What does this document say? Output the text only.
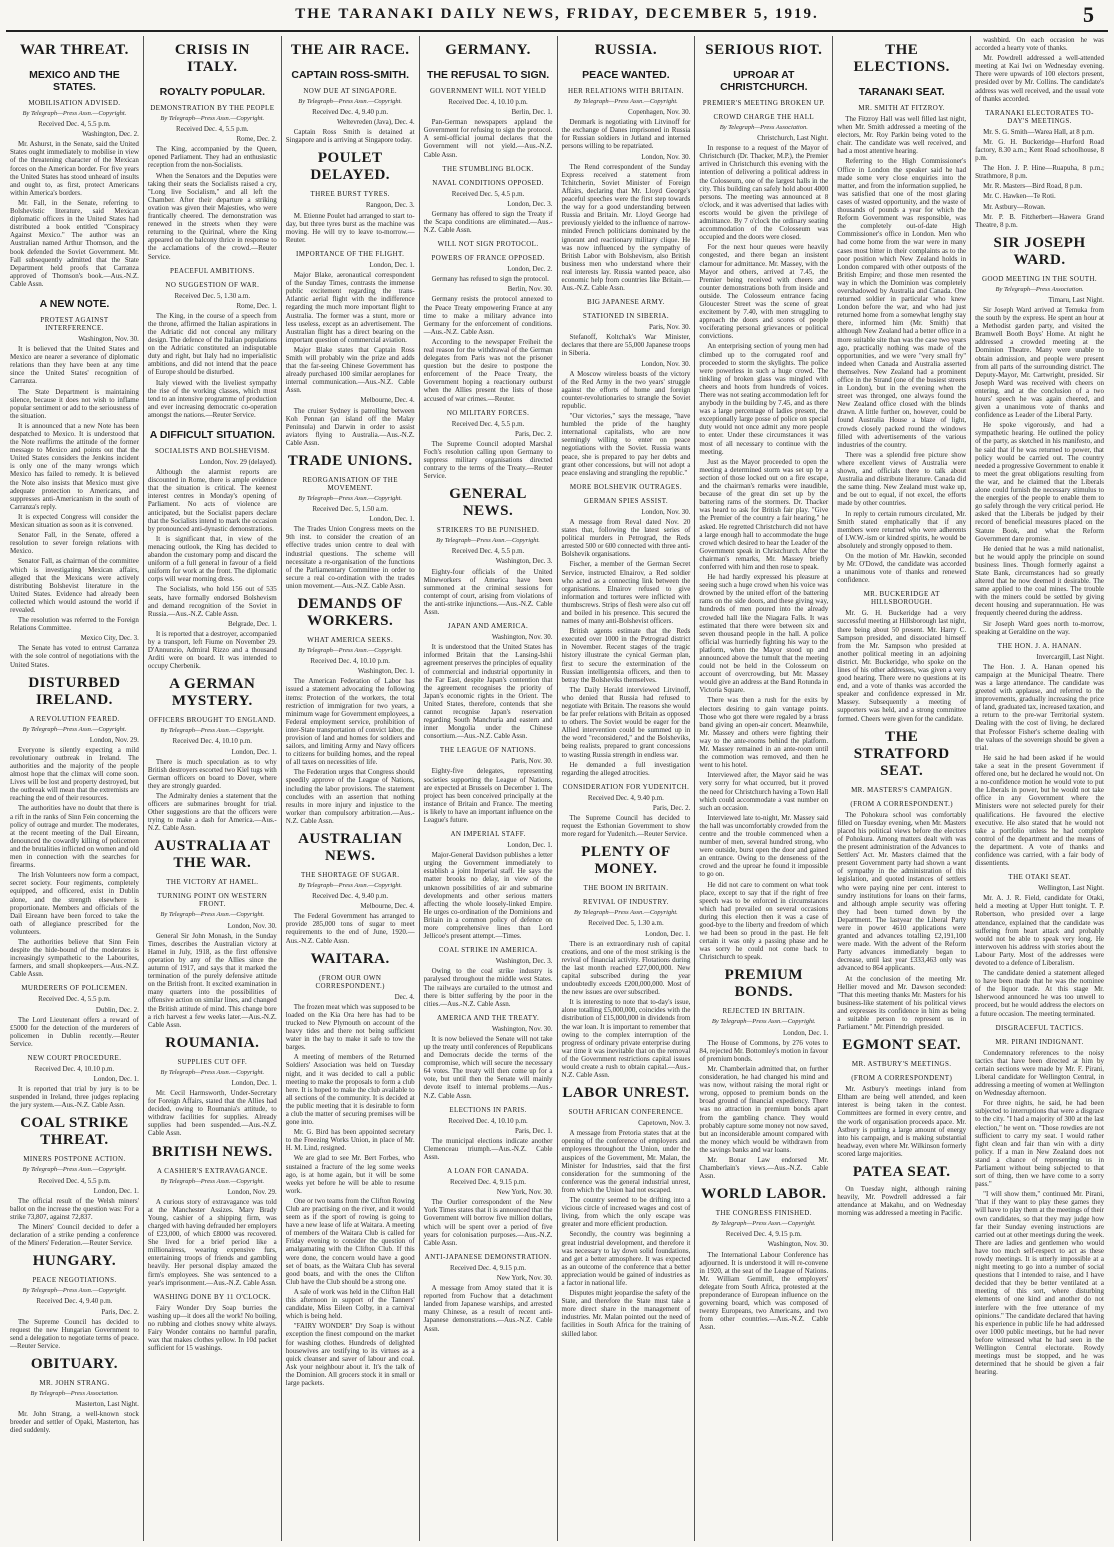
THE TARANAKI DAILY NEWS, FRIDAY, DECEMBER 5, 1919.	5
WAR THREAT.
MEXICO AND THE STATES.
MOBILISATION ADVISED.

By Telegraph—Press Assn.—Copyright.

Received Dec. 4, 5.5 p.m.

Washington, Dec. 2.

Mr. Ashurst, in the Senate, said the United States ought immediately to mobilise in view of the threatening character of the Mexican forces on the American border. For five years the United States has stood unheard of insults and ought to, as first, protect Americans within America's borders.

Mr. Fall, in the Senate, referring to Bolshevistic literature, said Mexican diplomatic officers in the United States had distributed a book entitled "Conspiracy Against Mexico." The author was an Australian named Arthur Thomson, and the book defended the Soviet Government. Mr. Fall subsequently admitted that the State Department held proofs that Carranza approved of Thomson's book.—Aus.-N.Z. Cable Assn.

A NEW NOTE.
PROTEST AGAINST INTERFERENCE.

Washington, Nov. 30.

It is believed that the United States and Mexico are nearer a severance of diplomatic relations than they have been at any time since the United States' recognition of Carranza.

The State Department is maintaining silence, because it does not wish to inflame popular sentiment or add to the seriousness of the situation.

It is announced that a new Note has been despatched to Mexico. It is understood that the Note reaffirms the attitude of the former message to Mexico and points out that the United States considers the Jenkins incident is only one of the many wrongs which Mexico has failed to remedy. It is believed the Note also insists that Mexico must give adequate protection to Americans, and suppresses anti-Americanism in the south of Carranza's reply.

It is expected Congress will consider the Mexican situation as soon as it is convened.

Senator Fall, in the Senate, offered a resolution to sever foreign relations with Mexico.

Senator Fall, as chairman of the committee which is investigating Mexican affairs, alleged that the Mexicans were actively distributing Bolshevist literature in the United States. Evidence had already been collected which would astound the world if revealed.

The resolution was referred to the Foreign Relations Committee.

Mexico City, Dec. 3.

The Senate has voted to entrust Carranza with the sole control of negotiations with the United States.

DISTURBED IRELAND.
A REVOLUTION FEARED.

By Telegraph—Press Assn.—Copyright.

London, Nov. 29.

Everyone is silently expecting a mild revolutionary outbreak in Ireland. The authorities and the majority of the people almost hope that the climax will come soon. Lives will be lost and property destroyed, but the outbreak will mean that the extremists are reaching the end of their resources.

The authorities have no doubt that there is a rift in the ranks of Sinn Fein concerning the policy of outrage and murder. The moderates, at the recent meeting of the Dail Eireann, denounced the cowardly killing of policemen and the brutalities inflicted on women and old men in connection with the searches for firearms.

The Irish Volunteers now form a compact, secret society. Four regiments, completely equipped, and officered, exist in Dublin alone, and the strength elsewhere is proportionate. Members and officials of the Dail Eireann have been forced to take the oath of allegiance prescribed for the volunteers.

The authorities believe that Sinn Fein despite the hide-bound of the moderates is increasingly sympathetic to the Labourites, farmers, and small shopkeepers.—Aus.-N.Z. Cable Assn.

MURDERERS OF POLICEMEN.

Received Dec. 4, 5.5 p.m.

Dublin, Dec. 2.

The Lord Lieutenant offers a reward of £5000 for the detection of the murderers of policemen in Dublin recently.—Reuter Service.

NEW COURT PROCEDURE.

Received Dec. 4, 10.10 p.m.

London, Dec. 1.

It is reported that trial by jury is to be suspended in Ireland, three judges replacing the jury system.—Aus.-N.Z. Cable Assn.

COAL STRIKE THREAT.
MINERS POSTPONE ACTION.

By Telegraph—Press Assn.—Copyright.

Received Dec. 4, 5.5 p.m.

London, Dec. 1.

The official result of the Welsh miners' ballot on the increase the question was: For a strike 73,807, against 72,837.

The Miners' Council decided to defer a declaration of a strike pending a conference of the Miners' Federation.—Reuter Service.

HUNGARY.
PEACE NEGOTIATIONS.

By Telegraph—Press Assn.—Copyright.

Received Dec. 4, 9.40 p.m.

Paris, Dec. 2.

The Supreme Council has decided to request the new Hungarian Government to send a delegation to negotiate terms of peace.—Reuter Service.

OBITUARY.
MR. JOHN STRANG.

By Telegraph—Press Association.

Masterton, Last Night.

Mr. John Strang, a well-known stock breeder and settler of Opaki, Masterton, has died suddenly.

CRISIS IN ITALY.
ROYALTY POPULAR.
DEMONSTRATION BY THE PEOPLE

By Telegraph—Press Assn.—Copyright.

Received Dec. 4, 5.5 p.m.

Rome, Dec. 2.

The King, accompanied by the Queen, opened Parliament. They had an enthusiastic reception from the non-Socialists.

When the Senators and the Deputies were taking their seats the Socialists raised a cry, "Long live Socialism," and all left the Chamber. After their departure a striking ovation was given their Majesties, who were frantically cheered. The demonstration was renewed in the streets when they were returning to the Quirinal, where the King appeared on the balcony thrice in response to the acclamations of the crowd.—Reuter Service.

PEACEFUL AMBITIONS.
NO SUGGESTION OF WAR.

Received Dec. 5, 1.30 a.m.

Rome, Dec. 1.

The King, in the course of a speech from the throne, affirmed the Italian aspirations in the Adriatic did not conceal any military design. The defence of the Italian populations on the Adriatic constituted an indisputable duty and right, but Italy had no imperialistic ambitions, and did not intend that the peace of Europe should be disturbed.

Italy viewed with the liveliest sympathy the rise of the working classes, which must tend to an intensive programme of production and ever increasing democratic co-operation amongst the nations.—Reuter Service.

A DIFFICULT SITUATION.
SOCIALISTS AND BOLSHEVISM.

London, Nov. 29 (delayed).

Although the alarmist reports are discounted in Rome, there is ample evidence that the situation is critical. The keenest interest centres in Monday's opening of Parliament. No acts of violence are anticipated, but the Socialist papers declare that the Socialists intend to mark the occasion by pronounced anti-dynastic demonstrations.

It is significant that, in view of the menacing outlook, the King has decided to abandon the customary pomp and discard the uniform of a full general in favour of a field uniform for work at the front. The diplomatic corps will wear morning dress.

The Socialists, who hold 156 out of 535 seats, have formally endorsed Bolshevism and demand recognition of the Soviet in Russia.—Aus.-N.Z. Cable Assn.

Belgrade, Dec. 1.

It is reported that a destroyer, accompanied by a transport, left Fiume on November 29. D'Annunzio, Admiral Rizzo and a thousand Arditi were on board. It was intended to occupy Cherbenik.

A GERMAN MYSTERY.
OFFICERS BROUGHT TO ENGLAND.

By Telegraph—Press Assn.—Copyright.

Received Dec. 4, 10.10 p.m.

London, Dec. 1.

There is much speculation as to why British destroyers escorted two Kiel tugs with German officers on board to Dover, where they are strongly guarded.

The Admiralty denies a statement that the officers are submarines brought for trial. Other suggestions are that the officers were trying to make a dash for America.—Aus.-N.Z. Cable Assn.

AUSTRALIA AT THE WAR.
THE VICTORY AT HAMEL.
TURNING POINT ON WESTERN FRONT.

By Telegraph—Press Assn.—Copyright.

London, Nov. 30.

General Sir John Monash, in the Sunday Times, describes the Australian victory at Hamel in July, 1918, as the first offensive operation by any of the Allies since the autumn of 1917, and says that it marked the termination of the purely defensive attitude on the British front. It excited examination in many quarters into the possibilities of offensive action on similar lines, and changed the British attitude of mind. This change bore a rich harvest a few weeks later.—Aus.-N.Z. Cable Assn.

ROUMANIA.
SUPPLIES CUT OFF.

By Telegraph—Press Assn.—Copyright.

London, Dec. 1.

Mr. Cecil Harmsworth, Under-Secretary for Foreign Affairs, stated that the Allies had decided, owing to Roumania's attitude, to withdraw facilities for supplies. Already supplies had been suspended.—Aus.-N.Z. Cable Assn.

BRITISH NEWS.
A CASHIER'S EXTRAVAGANCE.

By Telegraph—Press Assn.—Copyright.

London, Nov. 29.

A curious story of extravagance was told at the Manchester Assizes. Mary Brady Young, cashier of a shipping firm, was charged with having defrauded her employers of £23,000, of which £8000 was recovered. She lived for a brief period like a millionairess, wearing expensive furs, entertaining troops of friends and gambling heavily. Her personal display amazed the firm's employees. She was sentenced to a year's imprisonment.—Aus.-N.Z. Cable Assn.

WASHING DONE BY 11 O'CLOCK.

Fairy Wonder Dry Soap burries the washing up—it does all the work! No boiling, no rubbing and clothes snowy white always. Fairy Wonder contains no harmful parafin, wax that makes clothes yellow. In 10d packet sufficient for 15 washings.

THE AIR RACE.
CAPTAIN ROSS-SMITH.
NOW DUE AT SINGAPORE.

By Telegraph—Press Assn.—Copyright.

Received Dec. 4, 9.40 p.m.

Weltevreden (Java), Dec. 4.

Captain Ross Smith is detained at Singapore and is arriving at Singapore today.

POULET DELAYED.
THREE BURST TYRES.

Rangoon, Dec. 3.

M. Etienne Poulet had arranged to start to-day, but three tyres burst as the machine was moving. He will try to leave to-morrow.—Reuter.

IMPORTANCE OF THE FLIGHT.

London, Dec. 1.

Major Blake, aeronautical correspondent of the Sunday Times, contrasts the immense public excitement regarding the trans-Atlantic aerial flight with the indifference regarding the much more important flight to Australia. The former was a stunt, more or less useless, except as an advertisement. The Australian flight has a direct bearing on the important question of commercial aviation.

Major Blake states that Captain Ross Smith will probably win the prize and adds that the far-seeing Chinese Government has already purchased 100 similar aeroplanes for internal communication.—Aus.-N.Z. Cable Assn.

Melbourne, Dec. 4.

The cruiser Sydney is patrolling between Koh Pennan (an island off the Malay Peninsula) and Darwin in order to assist aviators flying to Australia.—Aus.-N.Z. Cable Assn.

TRADE UNIONS.
REORGANISATION OF THE MOVEMENT.

By Telegraph—Press Assn.—Copyright.

Received Dec. 5, 1.50 a.m.

London, Dec. 1.

The Trades Union Congress meets on the 9th inst. to consider the creation of an effective trades union centre to deal with industrial questions. The scheme will necessitate a re-organisation of the functions of the Parliamentary Committee in order to secure a real co-ordination with the trades union movement.—Aus.-N.Z. Cable Assn.

DEMANDS OF WORKERS.
WHAT AMERICA SEEKS.

By Telegraph—Press Assn.—Copyright.

Received Dec. 4, 10.10 p.m.

Washington, Dec. 1.

The American Federation of Labor has issued a statement advocating the following items: Protection of the workers, the total restriction of immigration for two years, a minimum wage for Government employees, a Federal employment service, prohibition of inter-State transportation of convict labor, the provision of land and homes for soldiers and sailors, and limiting Army and Navy officers to citizens for building homes, and the repeal of all taxes on necessities of life.

The Federation urges that Congress should speedily approve of the League of Nations, including the labor provisions. The statement concludes with an assertion that nothing results in more injury and injustice to the worker than compulsory arbitration.—Aus.-N.Z. Cable Assn.

AUSTRALIAN NEWS.
THE SHORTAGE OF SUGAR.

By Telegraph—Press Assn.—Copyright.

Received Dec. 4, 9.40 p.m.

Melbourne, Dec. 4.

The Federal Government has arranged to provide 285,000 tons of sugar to meet requirements to the end of June, 1920.—Aus.-N.Z. Cable Assn.

WAITARA.
(FROM OUR OWN CORRESPONDENT.)

Dec. 4.

The frozen meat which was supposed to be loaded on the Kia Ora here has had to be trucked to New Plymouth on account of the heavy tides and there not being sufficient water in the bay to make it safe to tow the barges.

A meeting of members of the Returned Soldiers' Association was held on Tuesday night, and it was decided to call a public meeting to make the proposals to form a club here. It is hoped to make the club available to all sections of the community. It is decided at the public meeting that it is desirable to form a club the matter of securing premises will be gone into.

Mr. G. Bird has been appointed secretary to the Freezing Works Union, in place of Mr. H. M. Lind, resigned.

We are glad to see Mr. Bert Forbes, who sustained a fracture of the leg some weeks ago, is at home again, but it will be some weeks yet before he will be able to resume work.

One or two teams from the Clifton Rowing Club are practising on the river, and it would seem as if the sport of rowing is going to have a new lease of life at Waitara. A meeting of members of the Waitara Club is called for Friday evening to consider the question of amalgamating with the Clifton Club. If this were done, the concern would have a good set of boats, as the Waitara Club has several good boats, and with the ones the Clifton Club have the Club should be a strong one.

A sale of work was held in the Clifton Hall this afternoon in support of the Tanners' candidate, Miss Eileen Colby, in a carnival which is being held.

"FAIRY WONDER" Dry Soap is without exception the finest compound on the market for washing clothes. Hundreds of delighted housewives are testifying to its virtues as a quick cleanser and saver of labour and coal. Ask your neighbour about it. It's the talk of the Dominion. All grocers stock it in small or large packets.

GERMANY.
THE REFUSAL TO SIGN.
GOVERNMENT WILL NOT YIELD

Received Dec. 4, 10.10 p.m.

Berlin, Dec. 1.

Pan-German newspapers applaud the Government for refusing to sign the protocol. A semi-official journal declares that the Government will not yield.—Aus.-N.Z. Cable Assn.

THE STUMBLING BLOCK.
NAVAL CONDITIONS OPPOSED.

Received Dec. 5, 4.5 p.m.

London, Dec. 3.

Germany has offered to sign the Treaty if the Scapa conditions are eliminated.—Aus.-N.Z. Cable Assn.

WILL NOT SIGN PROTOCOL.
POWERS OF FRANCE OPPOSED.

London, Dec. 2.

Germany has refused to sign the protocol.

Berlin, Nov. 30.

Germany resists the protocol annexed to the Peace Treaty empowering France at any time to make a military advance into Germany for the enforcement of conditions.—Aus.-N.Z. Cable Assn.

According to the newspaper Freiheit the real reason for the withdrawal of the German delegates from Paris was not the prisoner question but the desire to postpone the enforcement of the Peace Treaty, the Government hoping a reactionary outburst when the Allies present the lists of those accused of war crimes.—Reuter.

NO MILITARY FORCES.

Received Dec. 4, 5.5 p.m.

Paris, Dec. 2.

The Supreme Council adopted Marshal Foch's resolution calling upon Germany to suppress military organisations directed contrary to the terms of the Treaty.—Reuter Service.

GENERAL NEWS.
STRIKERS TO BE PUNISHED.

By Telegraph—Press Assn.—Copyright.

Received Dec. 4, 5.5 p.m.

Washington, Dec. 3.

Eighty-four officials of the United Mineworkers of America have been summoned at the criminal sessions for contempt of court, arising from violations of the anti-strike injunctions.—Aus.-N.Z. Cable Assn.

JAPAN AND AMERICA.

Washington, Nov. 30.

It is understood that the United States has informed Britain that the Lansing-Ishii agreement preserves the principles of equality of commercial and industrial opportunity in the Far East, despite Japan's contention that the agreement recognises the priority of Japan's economic rights in the Orient. The United States, therefore, contends that she cannot recognise Japan's reservation regarding South Manchuria and eastern and inner Mongolia under the Chinese consortium.—Aus.-N.Z. Cable Assn.

THE LEAGUE OF NATIONS.

Paris, Nov. 30.

Eighty-five delegates, representing societies supporting the League of Nations, are expected at Brussels on December 1. The project has been conceived principally at the instance of Britain and France. The meeting is likely to have an important influence on the League's future.

AN IMPERIAL STAFF.

London, Dec. 1.

Major-General Davidson publishes a letter urging the Government immediately to establish a joint Imperial staff. He says the matter brooks no delay, in view of the unknown possibilities of air and submarine developments and other serious matters affecting the whole loosely-linked Empire. He urges co-ordination of the Dominions and Britain in a common policy of defence on more comprehensive lines than Lord Jellicoe's present attempt.—Times.

COAL STRIKE IN AMERICA.

Washington, Dec. 3.

Owing to the coal strike industry is paralysed throughout the middle west States. The railways are curtailed to the utmost and there is bitter suffering by the poor in the cities.—Aus.-N.Z. Cable Assn.

AMERICA AND THE TREATY.

Washington, Nov. 30.

It is now believed the Senate will not take up the treaty until conferences of Republicans and Democrats decide the terms of the compromise, which will secure the necessary 64 votes. The treaty will then come up for a vote, but until then the Senate will mainly devote itself to internal problems.—Aus.-N.Z. Cable Assn.

ELECTIONS IN PARIS.

Received Dec. 4, 10.10 p.m.

Paris, Dec. 1.

The municipal elections indicate another Clemenceau triumph.—Aus.-N.Z. Cable Assn.

A LOAN FOR CANADA.

Received Dec. 4, 9.15 p.m.

New York, Nov. 30.

The Ourlier correspondent of the New York Times states that it is announced that the Government will borrow five million dollars, which will be spent over a period of five years for colonisation purposes.—Aus.-N.Z. Cable Assn.

ANTI-JAPANESE DEMONSTRATION.

Received Dec. 4, 9.15 p.m.

New York, Nov. 30.

A message from Amoy stated that it is reported from Fuchow that a detachment landed from Japanese warships, and arrested many Chinese, as a result of recent anti-Japanese demonstrations.—Aus.-N.Z. Cable Assn.

RUSSIA.
PEACE WANTED.
HER RELATIONS WITH BRITAIN.

By Telegraph—Press Assn.—Copyright.

Copenhagen, Nov. 30.

Denmark is negotiating with Litvinoff for the exchange of Danes imprisoned in Russia for Russian soldiers in Jutland and interned persons willing to be repatriated.

London, Nov. 30.

The Rend correspondent of the Sunday Express received a statement from Tchitcherin, Soviet Minister of Foreign Affairs, declaring that Mr. Lloyd George's peaceful speeches were the first step towards the way for a good understanding between Russia and Britain. Mr. Lloyd George had previously yielded to the influence of narrow-minded French politicians dominated by the ignorant and reactionary military clique. He was now influenced by the sympathy of British Labor with Bolshevism, also British business men who understand where their real interests lay. Russia wanted peace, also economic help from countries like Britain.—Aus.-N.Z. Cable Assn.

BIG JAPANESE ARMY.
STATIONED IN SIBERIA.

Paris, Nov. 30.

Stefanoff, Koltchak's War Minister, declares that there are 55,000 Japanese troops in Siberia.

London, Nov. 30.

A Moscow wireless boasts of the victory of the Red Army in the two years' struggle against the efforts of home and foreign counter-revolutionaries to strangle the Soviet republic.

"Our victories," says the message, "have humbled the pride of the haughty international capitalists, who are now seemingly willing to enter on peace negotiations with the Soviet. Russia wants peace, she is prepared to pay her debts and grant other concessions, but will not adopt a peace enslaving and strangling the republic."

MORE BOLSHEVIK OUTRAGES.
GERMAN SPIES ASSIST.

London, Nov. 30.

A message from Reval dated Nov. 20 states that, following the latest series of political murders in Petrograd, the Reds arrested 500 or 600 connected with three anti-Bolshevik organisations.

Fischer, a member of the German Secret Service, instructed Elnairov, a Red soldier who acted as a connecting link between the organisations. Elnairov refused to give information and tortures were inflicted with thumbscrews. Strips of flesh were also cut off and boiled in his presence. This secured the names of many anti-Bolshevist officers.

British agents estimate that the Reds executed over 1000 in the Petrograd district in November. Recent stages of the tragic history illustrate the cynical German plan, first to secure the extermination of the Russian intelligentsia officers, and then to betray the Bolsheviks themselves.

The Daily Herald interviewed Litvinoff, who denied that Russia had refused to negotiate with Britain. The reasons she would be far prefer relations with Britain as opposed to others. The Soviet would be eager for the Allied intervention could be summed up in the word "reconsidered," and the Bolsheviks, being realists, prepared to grant concessions to wasting Russia strength in endless war.

He demanded a full investigation regarding the alleged atrocities.

CONSIDERATION FOR YUDENITCH.

Received Dec. 4, 9.40 p.m.

Paris, Dec. 2.

The Supreme Council has decided to request the Esthonian Government to show more regard for Yudenitch.—Reuter Service.

PLENTY OF MONEY.
THE BOOM IN BRITAIN.
REVIVAL OF INDUSTRY.

By Telegraph—Press Assn.—Copyright.

Received Dec. 5, 1.30 a.m.

London, Dec. 1.

There is an extraordinary rush of capital creations, and one of the most striking is the revival of financial activity. Flotations during the last month reached £27,000,000. New capital subscribed during the year undoubtedly exceeds £200,000,000. Most of the new issues are over subscribed.

It is interesting to note that to-day's issue, alone totalling £5,000,000, coincides with the distribution of £15,000,000 in dividends from the war loan. It is important to remember that owing to the complex interruption of the progress of ordinary private enterprise during war time it was inevitable that on the removal of the Government restrictions capital issues would create a rush to obtain capital.—Aus.-N.Z. Cable Assn.

LABOR UNREST.
SOUTH AFRICAN CONFERENCE.

Capetown, Nov. 3.

A message from Pretoria states that at the opening of the conference of employers and employees throughout the Union, under the auspices of the Government, Mr. Malan, the Minister for Industries, said that the first consideration for the summoning of the conference was the general industrial unrest, from which the Union had not escaped.

The country seemed to be drifting into a vicious circle of increased wages and cost of living, from which the only escape was greater and more efficient production.

Secondly, the country was beginning a great industrial development, and therefore it was necessary to lay down solid foundations, and get a better atmosphere. It was expected as an outcome of the conference that a better appreciation would be gained of industries as a factor in national life.

Disputes might jeopardise the safety of the State, and therefore the State must take a more direct share in the management of industries. Mr. Malan pointed out the need of facilities in South Africa for the training of skilled labor.

SERIOUS RIOT.
UPROAR AT CHRISTCHURCH.
PREMIER'S MEETING BROKEN UP.
CROWD CHARGE THE HALL

By Telegraph—Press Association.

Christchurch, Last Night.

In response to a request of the Mayor of Christchurch (Dr. Thacker, M.P.), the Premier arrived in Christchurch this evening with the intention of delivering a political address in the Colosseum, one of the largest halls in the city. This building can safely hold about 4000 persons. The meeting was announced at 8 o'clock, and it was advertised that ladies with escorts would be given the privilege of admittance. By 7 o'clock the ordinary seating accommodation of the Colosseum was occupied and the doors were closed.

For the next hour queues were heavily congested, and there began an insistent clamour for admittance. Mr. Massey, with the Mayor and others, arrived at 7.45, the Premier being received with cheers and counter demonstrations both from inside and outside. The Colosseum entrance facing Gloucester Street was the scene of great excitement by 7.40, with men struggling to approach the doors and scores of people vociferating personal grievances or political convictions.

An enterprising section of young men had climbed up to the corrugated roof and proceeded to storm the skylights. The police were powerless in such a huge crowd. The tinkling of broken glass was mingled with cheers and hoots from hundreds of voices. There was not seating accommodation left for anybody in the building by 7.45, and as there was a large percentage of ladies present, the exceptionally large posse of police on special duty would not once admit any more people to enter. Under these circumstances it was most of all necessary to continue with the meeting.

Just as the Mayor proceeded to open the meeting a determined storm was set up by a section of those locked out on a fire escape, and the chairman's remarks were inaudible, because of the great din set up by the battering rams of the stormers. Dr. Thacker was heard to ask for British fair play. "Give the Premier of the country a fair hearing," he asked. He regretted Christchurch did not have a large enough hall to accommodate the huge crowd which desired to hear the Leader of the Government speak in Christchurch. After the chairman's remarks, Mr. Massey briefly conferred with him and then rose to speak.

He had hardly expressed his pleasure at seeing such a huge crowd when his voice was drowned by the united effort of the battering rams on the side doors, and these giving way, hundreds of men poured into the already crowded hall like the Niagara Falls. It was estimated that there were between six and seven thousand people in the hall. A police official was hurriedly fighting his way to the platform, when the Mayor stood up and announced above the tumult that the meeting could not be held in the Colosseum on account of overcrowding, but Mr. Massey would give an address at the Band Rotunda in Victoria Square.

There was then a rush for the exits by electors desiring to gain vantage points. Those who got there were regaled by a brass band giving an open-air concert. Meanwhile, Mr. Massey and others were fighting their way to the ante-rooms behind the platform. Mr. Massey remained in an ante-room until the commotion was removed, and then he went to his hotel.

Interviewed after, the Mayor said he was very sorry for what occurred, but it proved the need for Christchurch having a Town Hall which could accommodate a vast number on such an occasion.

Interviewed late to-night, Mr. Massey said the hall was uncomfortably crowded from the centre and the trouble commenced when a number of men, several hundred strong, who were outside, burst open the door and gained an entrance. Owing to the denseness of the crowd and the uproar he found it impossible to go on.

He did not care to comment on what took place, except to say that if the right of free speech was to be enforced in circumstances which had prevailed on several occasions during this election then it was a case of good-bye to the liberty and freedom of which we had been so proud in the past. He felt certain it was only a passing phase and he was sorry he could not come back to Christchurch to speak.

PREMIUM BONDS.
REJECTED IN BRITAIN.

By Telegraph—Press Assn.—Copyright.

London, Dec. 1.

The House of Commons, by 276 votes to 84, rejected Mr. Bottomley's motion in favour of premium bonds.

Mr. Chamberlain admitted that, on further consideration, he had changed his mind and was now, without raising the moral right or wrong, opposed to premium bonds on the broad ground of financial expediency. There was no attraction in premium bonds apart from the gambling chance. They would probably capture some money not now saved, but an inconsiderable amount compared with the money which would be withdrawn from the savings banks and war loans.

Mr. Bonar Law endorsed Mr. Chamberlain's views.—Aus.-N.Z. Cable Assn.

WORLD LABOR.
THE CONGRESS FINISHED.

By Telegraph—Press Assn.—Copyright.

Received Dec. 4, 9.15 p.m.

Washington, Nov. 30.

The International Labour Conference has adjourned. It is understood it will re-convene in 1920, at the seat of the League of Nations. Mr. William Gemmill, the employers' delegate from South Africa, protested at the preponderance of European influence on the governing board, which was composed of twenty Europeans, two Americans, and two from other countries.—Aus.-N.Z. Cable Assn.

THE ELECTIONS.
TARANAKI SEAT.
MR. SMITH AT FITZROY.

The Fitzroy Hall was well filled last night, when Mr. Smith addressed a meeting of the electors, Mr. Roy Parkin being voted to the chair. The candidate was well received, and had a most attentive hearing.

Referring to the High Commissioner's Office in London the speaker said he had made some very close enquiries into the matter, and from the information supplied, he was satisfied that one of the most glaring cases of wasted opportunity, and the waste of thousands of pounds a year for which the Reform Government was responsible, was the completely out-of-date High Commissioner's office in London. Men who had come home from the war were in many cases most bitter in their complaints as to the poor position which New Zealand holds in London compared with other outposts of the British Empire; and those men resented the way in which the Dominion was completely overshadowed by Australia and Canada. One returned soldier in particular who knew London before the war, and who had just returned home from a somewhat lengthy stay there, informed him (Mr. Smith) that although New Zealand had a better office in a more suitable site than was the case two years ago, practically nothing was made of the opportunities, and we were "very small fry" indeed when Canada and Australia asserted themselves. New Zealand had a prominent office in the Strand (one of the busiest streets in London), but in the evening when the street was thronged, one always found the New Zealand office closed with the blinds drawn. A little further on, however, could be found Australia House a blaze of light, crowds closely packed round the windows filled with advertisements of the various industries of the country.

There was a splendid free picture show where excellent views of Australia were shown, and officials there to talk about Australia and distribute literature. Canada did the same thing. New Zealand must wake up, and be out to equal, if not excel, the efforts made by other countries.

In reply to certain rumours circulated, Mr. Smith stated emphatically that if any members were returned who were adherents of I.W.W.-ism or kindred spirits, he would be absolutely and strongly opposed to them.

On the motion of Mr. Hawkin, seconded by Mr. O'Dowd, the candidate was accorded a unanimous vote of thanks and renewed confidence.

MR. BUCKERIDGE AT HILLSBOROUGH.

Mr. G. H. Buckeridge had a very successful meeting at Hillsborough last night, there being about 50 present. Mr. Harry C. Sampson presided, and dissociated himself from the Mr. Sampson who presided at another political meeting in an adjoining district. Mr. Buckeridge, who spoke on the lines of his other addresses, was given a very good hearing. There were no questions at its end, and a vote of thanks was accorded the speaker and confidence expressed in Mr. Massey. Subsequently a meeting of supporters was held, and a strong committee formed. Cheers were given for the candidate.

THE STRATFORD SEAT.
MR. MASTERS'S CAMPAIGN.
(FROM A CORRESPONDENT.)

The Pohokura school was comfortably filled on Tuesday evening, when Mr. Masters placed his political views before the electors of Pohokura. Among matters dealt with was the present administration of the Advances to Settlers' Act. Mr. Masters claimed that the present Government party had shown a want of sympathy in the administration of this legislation, and quoted instances of settlers who were paying nine per cent. interest to sundry institutions for loans on their farms, and although ample security was offering they had been turned down by the Department. The lastyear the Liberal Party were in power 4610 applications were granted and advances totalling £2,191,100 were made. With the advent of the Reform Party advances immediately began to decrease, until last year £333,463 only was advanced to 864 applicants.

At the conclusion of the meeting Mr. Hellier moved and Mr. Dawson seconded: "That this meeting thanks Mr. Masters for his business-like statement of his political views and expresses its confidence in him as being a suitable person to represent us in Parliament." Mr. Pittendrigh presided.

EGMONT SEAT.
MR. ASTBURY'S MEETINGS.
(FROM A CORRESPONDENT)

Mr. Astbury's meetings inland from Eltham are being well attended, and keen interest is being taken in the contest. Committees are formed in every centre, and the work of organisation proceeds apace. Mr. Astbury is putting a large amount of energy into his campaign, and is making substantial headway, even where Mr. Wilkinson formerly scored large majorities.

PATEA SEAT.

On Tuesday night, although raining heavily, Mr. Powdrell addressed a fair attendance at Makahu, and on Wednesday morning was addressed a meeting in Pacific.

washbird. On each occasion he was accorded a hearty vote of thanks.

Mr. Powdrell addressed a well-attended meeting at Kai Iwi on Wednesday evening. There were upwards of 100 electors present, presided over by Mr. Collins. The candidate's address was well received, and the usual vote of thanks accorded.

TARANAKI ELECTORATES TO-DAY'S MEETINGS.

Mr. S. G. Smith—Warea Hall, at 8 p.m.

Mr. G. H. Buckeridge—Hurford Road factory, 8.30 a.m.; Kent Road schoolhouse, 8 p.m.

The Hon. J. P. Hine—Ruapuha, 8 p.m.; Strathmore, 8 p.m.

Mr. R. Masters—Bird Road, 8 p.m.

Mr. C. Hawken—Te Roti.

Mr. Astbury—Rowan.

Mr. P. B. Fitzherbert—Hawera Grand Theatre, 8 p.m.

SIR JOSEPH WARD.
GOOD MEETING IN THE SOUTH.

By Telegraph—Press Association.

Timaru, Last Night.

Sir Joseph Ward arrived at Temuka from the south by the express. He spent an hour at a Methodist garden party, and visited the Bramwell Booth Boys' Home. At night he addressed a crowded meeting at the Dominion Theatre. Many were unable to obtain admission, and people were present from all parts of the surrounding district. The Deputy-Mayor, Mr. Cartwright, presided. Sir Joseph Ward was received with cheers on entering, and at the conclusion of a two hours' speech he was again cheered, and given a unanimous vote of thanks and confidence as Leader of the Liberal Party.

He spoke vigorously, and had a sympathetic hearing. He outlined the policy of the party, as sketched in his manifesto, and he said that if he was returned to power, that policy would be carried out. The country needed a progressive Government to enable it to meet the great obligations resulting from the war, and he claimed that the Liberals alone could furnish the necessary stimulus to the energies of the people to enable them to go safely through the very critical period. He asked that the Liberals be judged by their record of beneficial measures placed on the Statute Book, and what the Reform Government dare promise.

He denied that he was a mild nationalist, but he would apply the principle on sound business lines. Though formerly against a State Bank, circumstances had so greatly altered that he now deemed it desirable. The same applied to the coal mines. The trouble with the miners could be settled by giving decent housing and superannuation. He was frequently cheered during the address.

Sir Joseph Ward goes north to-morrow, speaking at Geraldine on the way.

THE HON. J. A. HANAN.

Invercargill, Last Night.

The Hon. J. A. Hanan opened his campaign at the Municipal Theatre. There was a large attendance. The candidate was greeted with applause, and referred to the improvements, gradually increasing the price of land, graduated tax, increased taxation, and a return to the pre-war Territorial system. Dealing with the cost of living, he declared that Professor Fisher's scheme dealing with the values of the sovereign should be given a trial.

He said he had been asked if he would take a seat in the present Government if offered one, but he declared he would not. On a no-confidence motion he would vote to put the Liberals in power, but he would not take office in any Government where the Ministers were not selected purely for their qualifications. He favoured the elective executive. He also stated that he would not take a portfolio unless he had complete control of the department and the means of the department. A vote of thanks and confidence was carried, with a fair body of dissentients.

THE OTAKI SEAT.

Wellington, Last Night.

Mr. A. J. R. Field, candidate for Otaki, held a meeting at Upper Hutt tonight. T. P. Robertson, who presided over a large attendance, explained that the candidate was suffering from heart attack and probably would not be able to speak very long. He interwoven his address with stories about the Labour Party. Most of the addresses were devoted to a defence of Liberalism.

The candidate denied a statement alleged to have been made that he was the nominee of the liquor trade. At this stage Mr. Isherwood announced he was too unwell to proceed, but he would address the electors on a future occasion. The meeting terminated.

DISGRACEFUL TACTICS.
MR. PIRANI INDIGNANT.

Condemnatory references to the noisy tactics that have been directed at him by certain sections were made by Mr. F. Pirani, Liberal candidate for Wellington Central, in addressing a meeting of women at Wellington on Wednesday afternoon.

For three nights, he said, he had been subjected to interruptions that were a disgrace to the city. "I had a majority of 300 at the last election," he went on. "Those rowdies are not sufficient to carry my seat. I would rather fight clean and fair than win with a dirty policy. If a man in New Zealand does not stand a chance of representing us in Parliament without being subjected to that sort of thing, then we have come to a sorry pass."

"I will show them," continued Mr. Pirani, "that if they want to play these games they will have to play them at the meetings of their own candidates, so that they may judge how far their Sunday evening instructions are carried out at other meetings during the week. There are ladies and gentlemen who would have too much self-respect to act as these rowdy meetings. It is utterly impossible at a night meeting to go into a number of social questions that I intended to raise, and I have decided that they be better ventilated at a meeting of this sort, where disturbing elements of one kind and another do not interfere with the free utterance of my opinions." The candidate declared that having his experience in public life he had addressed over 1000 public meetings, but he had never before witnessed what he had seen in the Wellington Central electorate. Rowdy meetings must be stopped, and he was determined that he should be given a fair hearing.
